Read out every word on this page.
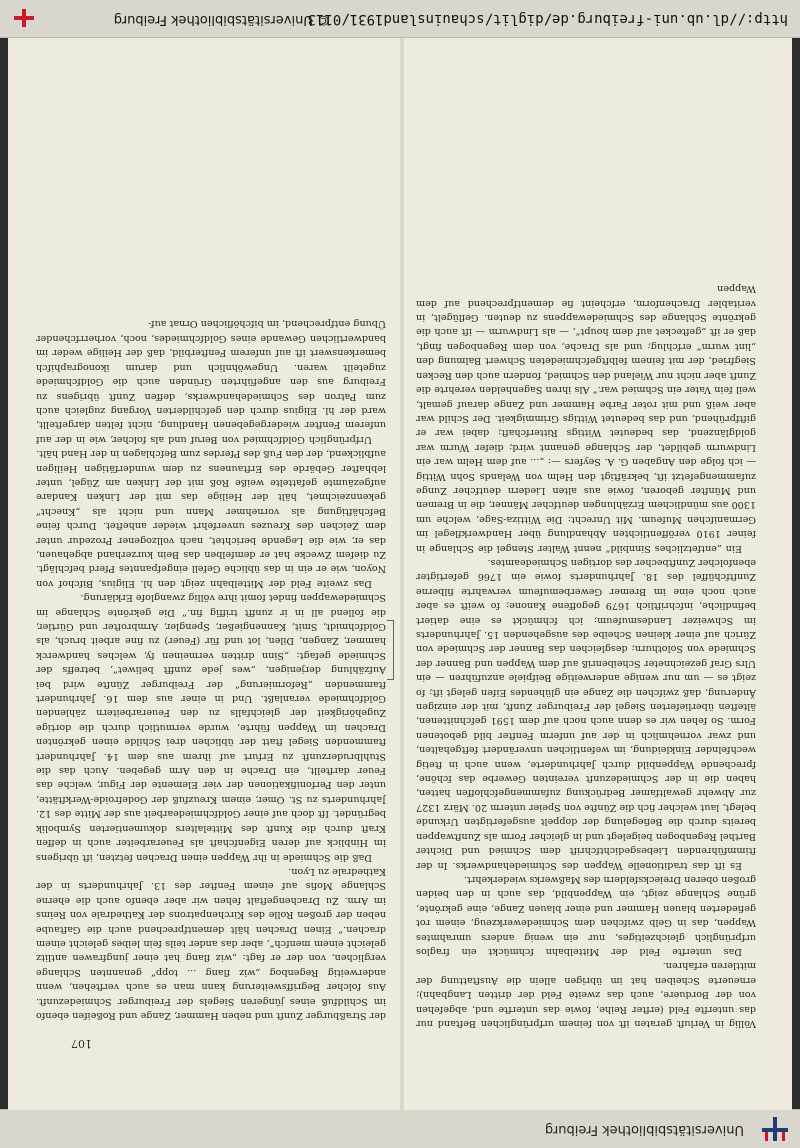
Universitätsbibliothek Freiburg
107

Völlig in Verluft geraten ift von feinem urfprünglichen Beftand nur das unterfte Feld (erfter Reihe, fowie das unterfte und, abgefehen von der Borduere, auch das zweite Feld der dritten Langbahn); erneuerte Scheiben hat im übrigen allein die Ausftattung der mittleren erfahren.

Das unterfte Feld der Mittelbahn fchmückt ein fraglos urfprünglich gleichzeitiges, nur ein wenig anders umrahmtes Wappen, das in Gelb zwifchen dem Schmiedewerkzeug, einem rot gefiederten blauen Hammer und einer blauen Zange, eine gekrönte, grüne Schlange zeigt, ein Wappenbild, das auch in den beiden großen oberen Dreiecksfeldern des Maßwerks wiederkehrt.

Es ift das traditionelle Wappen des Schmiedehandwerks. In der ftimmführenden Liebesgedichtfchrift dem Schmied und Dichter Barthel Regenbogen beigelegt und in gleicher Form als Zunftwappen bereits durch die Befiegelung der doppelt ausgefertigten Urkunde belegt, laut welcher fich die Zünfte von Speier unterm 20. März 1327 zur Abwehr gewaltfamer Bedrückung zufammengefchloffen hatten, haben die in der Schmiedezunft vereinten Gewerbe das fchöne, fprechende Wappenbild durch Jahrhunderte, wenn auch in ftetig wechfelnder Einkleidung, im wefentlichen unverändert feftgehalten, und zwar vornehmlich in der auf unferm Fenfter bild gebotenen Form. So fehen wir es denn auch noch auf dem 1591 gefchnittenen, älteften überlieferten Siegel der Freiburger Zunft, mit der einzigen Änderung, daß zwifchen die Zange ein glühendes Eifen gelegt ift; fo zeigt es — um nur wenige anderweitige Beifpiele anzuführen — ein Ulrs Graf gezeichneter Scheibenriß auf dem Wappen und Banner der Schmiede von Solothurn; desgleichen das Banner der Schmiede von Zürich auf einer kleinen Scheibe des ausgehenden 15. Jahrhunderts im Schweizer Landesmufeum; ich fchmückt es eine datiert befindliche, infchriftlich 1679 gegoffene Kanone; fo weift es aber auch noch eine im Bremer Gewerbemufeum verwahrte filberne Zunftfchüffel des 18. Jahrhunderts fowie ein 1766 gefertigter ebenfolcher Zunftbecher des dortigen Schmiedeamtes.

Ein „entfetzliches Sinnbild“ nennt Walter Stengel die Schlange in feiner 1910 veröffentlichten Abhandlung über Handwerkflegel im Germanifchen Mufeum. Mit Unrecht: Die Wittiza-Sage, welche um 1300 aus mündlichem Erzählungen deutfcher Männer, die in Bremen und Münfter geboren, fowie aus alten Liedern deutfcher Zunge zufammengefetzt ift, bekräftigt den Helm von Welands Sohn Wittig — ich folge den Angaben G. A. Seyfers —: „... auf dem Helm war ein Lindwurm gebildet, der Schlange genannt wird; diefer Wurm war goldglänzend, das bedeutet Wittigs Ritterfchaft; dabei war er giftfprühend, und das bedeutet Wittigs Grimmigkeit. Der Schild war aber weiß und mit roter Farbe Hammer und Zange darauf gemalt, weil fein Vater ein Schmied war.“ Als ihren Sagenhelden verehrte die Zunft aber nicht nur Wieland den Schmied, fondern auch den Recken Siegfried, der mit feinem felbftgefchmiedeten Schwert Balmung den „lint wurm“ erfchlug; und als Drache, von dem Regenbogen fingt, daß er ift „geftecket auf dem houpt“, — als Lindwurm — ift auch die gekrönte Schlange des Schmiedewappens zu deuten. Geflügelt, in veritabler Drachenform, erfcheint fie dementfprechend auf dem Wappen

der Straßburger Zunft und neben Hammer, Zange und Roßeifen ebenfo im Schildfuß eines jüngeren Siegels der Freiburger Schmiedezunft. Aus folcher Begriffsweiterung kann man es auch verftehen, wenn anderweitig Regenbog „wiz flang ... topp“ genannten Schlange verglichen, von der er fagt: „wiz flang hat einer jungfrawen antlitz geleicht einem menfch“, aber das ander teils fein leibes geleicht einem drachen.“ Einen Drachen hält dementfprechend auch die Gaftaube neben der großen Rolle des Kirchenpatrons der Kathedrale von Reims im Arm. Zu Drachengeftalt fehen wir aber ebenfo auch die eherne Schlange Mofis auf einem Fenfter des 13. Jahrhunderts in der Kathedrale zu Lyon.

Daß die Schmiede in ihr Wappen einen Drachen fetzten, ift übrigens im Hinblick auf deren Eigenfchaft als Feuerarbeiter auch in deffen Kraft durch die Kunft des Mittelalters dokumentierten Symbolik begründet. Ift doch auf einer Goldfchmiedearbeit aus der Mitte des 12. Jahrhunderts zu St. Omer, einem Kreuzfuß der Godefroide-Werkftätte, unter den Perfonifikationen der vier Elemente der Figur, welche das Feuer darftellt, ein Drache in den Arm gegeben. Auch das die Stuhlbruderzunft zu Erfurt auf ihrem aus dem 14. Jahrhundert ftammenden Siegel ftatt der üblichen drei Schilde einen gekrönten Drachen im Wappen führte, wurde vermutlich durch die dortige Zugehörigkeit der gleichfalls zu den Feuerarbeitern zählenden Goldfchmiede veranlaßt. Und in einer aus dem 16. Jahrhundert ftammenden „Reformierung“ der Freiburger Zünfte wird bei Aufzählung derjenigen, „wes jede zunfft beliwet“, betreffs der Schmiede gefagt: „Sinn dritten vermeinen fy, welches handwerck hammer, Zangen, Dilen, lot und für (Feuer) zu fine arbeit bruch, als Goldfchmidt, Smit, Kannengießer, Spengler, Armbrofter und Gürtler, die follend all in ir zunfft triffig fin.“ Die gekrönte Schlange im Schmiedewappen findet fomit ihre völlig zwanglofe Erklärung.

Das zweite Feld der Mittelbahn zeigt den hl. Eligius, Bifchof von Noyon, wie er ein in das übliche Gefell eingefpanntes Pferd befchlägt. Zu diefem Zwecke hat er demfelben das Bein kurzerhand abgehauen, das er, wie die Legende berichtet, nach vollzogener Prozedur unter dem Zeichen des Kreuzes unverfehrt wieder anheftet. Durch feine Befchäftigung als vornehmer Mann und nicht als „Knecht“ gekennzeichnet, hält der Heilige das mit der Linken Kandare aufgezäumte gefattelte weiße Roß mit der Linken am Zügel, unter lebhafter Gebärde des Erftaunens zu dem wunderfätigen Heiligen aufblickend, der den Fuß des Pferdes zum Befchlagen in der Hand hält.

Urfprünglich Goldfchmied von Beruf und als folcher, wie in der auf unferem Fenfter wiedergegebenen Handlung, nicht felten dargeftellt, ward der hl. Eligius durch den gefchilderten Vorgang zugleich auch zum Patron des Schmiedehandwerks, deffen Zunft übrigens zu Freiburg aus den angeführten Gründen auch die Goldfchmiede zugeteilt waren. Ungewöhnlich und darum ikonographifch bemerkenswert ift auf unferem Fenfterbild, daß der Heilige weder im bandwertlichen Gewande eines Goldfchmiedes, noch, vorherrfchender Übung entfprechend, im bifchöflichen Ornat auf-

http://dl.ub.uni-freiburg.de/diglit/schauinsland1931/0113
© Universitätsbibliothek Freiburg
